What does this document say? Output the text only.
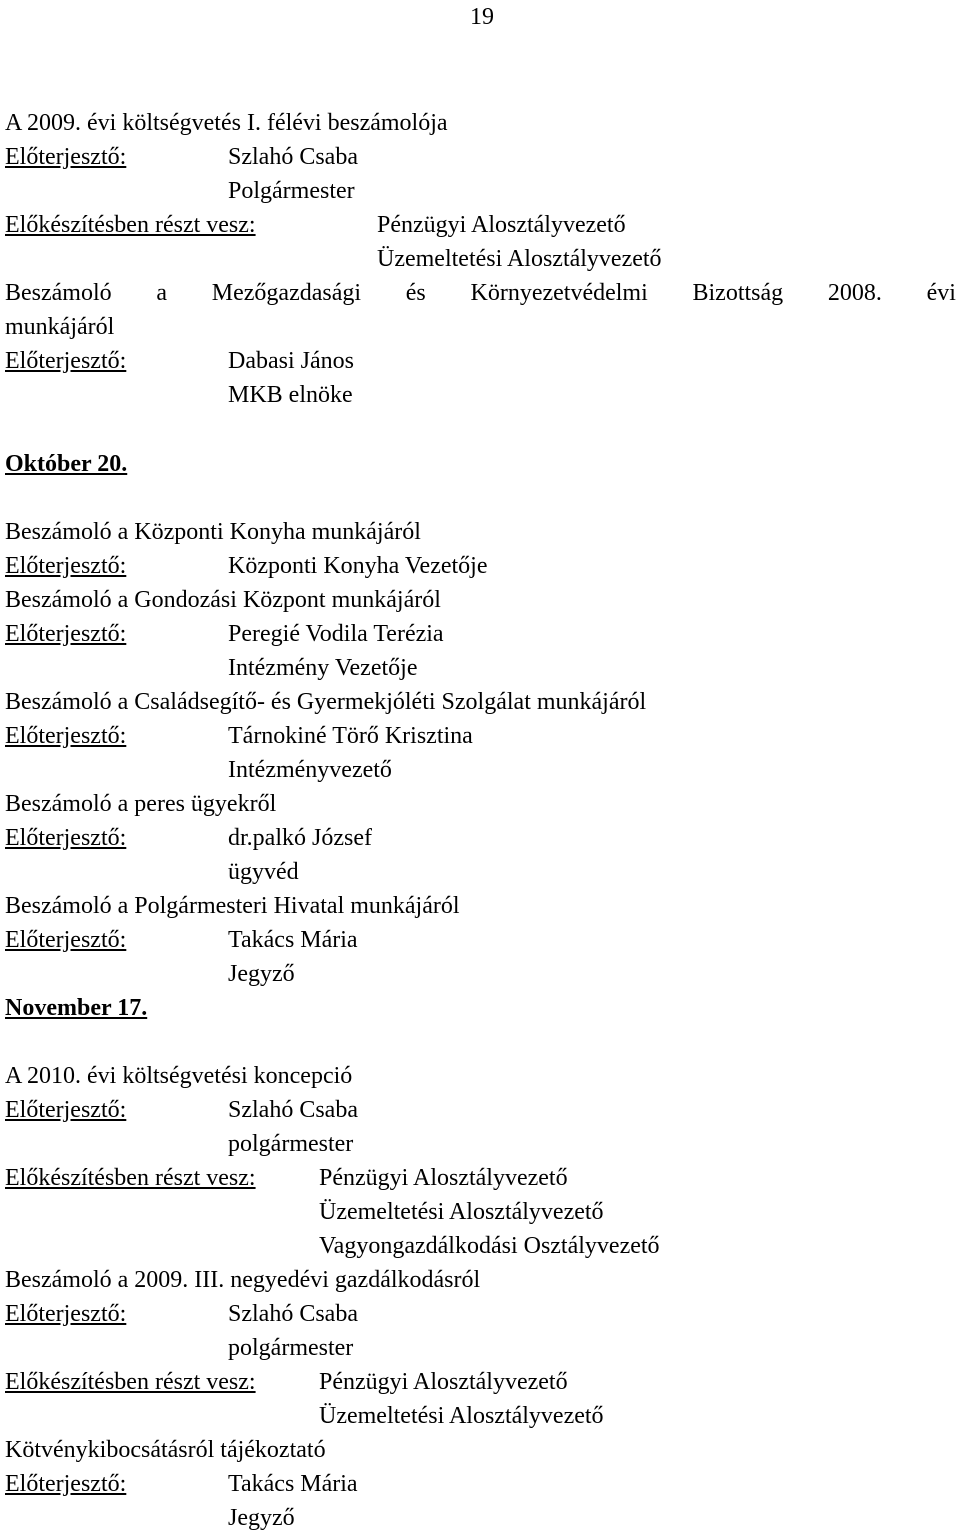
19
A 2009. évi költségvetés I. félévi beszámolója
Előterjesztő:	Szlahó Csaba
Polgármester
Előkészítésben részt vesz:	Pénzügyi Alosztályvezető
Üzemeltetési Alosztályvezető
Beszámoló a Mezőgazdasági és Környezetvédelmi Bizottság 2008. évi
munkájáról
Előterjesztő:	Dabasi János
MKB elnöke
Október 20.
Beszámoló a Központi Konyha munkájáról
Előterjesztő:	Központi Konyha Vezetője
Beszámoló a Gondozási Központ munkájáról
Előterjesztő:	Peregié Vodila Terézia
Intézmény Vezetője
Beszámoló a Családsegítő- és Gyermekjóléti Szolgálat munkájáról
Előterjesztő:	Tárnokiné Törő Krisztina
Intézményvezető
Beszámoló a peres ügyekről
Előterjesztő:	dr.palkó József
ügyvéd
Beszámoló a Polgármesteri Hivatal munkájáról
Előterjesztő:	Takács Mária
Jegyző
November 17.
A 2010. évi költségvetési koncepció
Előterjesztő:	Szlahó Csaba
polgármester
Előkészítésben részt vesz:	Pénzügyi Alosztályvezető
Üzemeltetési Alosztályvezető
Vagyongazdálkodási Osztályvezető
Beszámoló a 2009. III. negyedévi gazdálkodásról
Előterjesztő:	Szlahó Csaba
polgármester
Előkészítésben részt vesz:	Pénzügyi Alosztályvezető
Üzemeltetési Alosztályvezető
Kötvénykibocsátásról tájékoztató
Előterjesztő:	Takács Mária
Jegyző
